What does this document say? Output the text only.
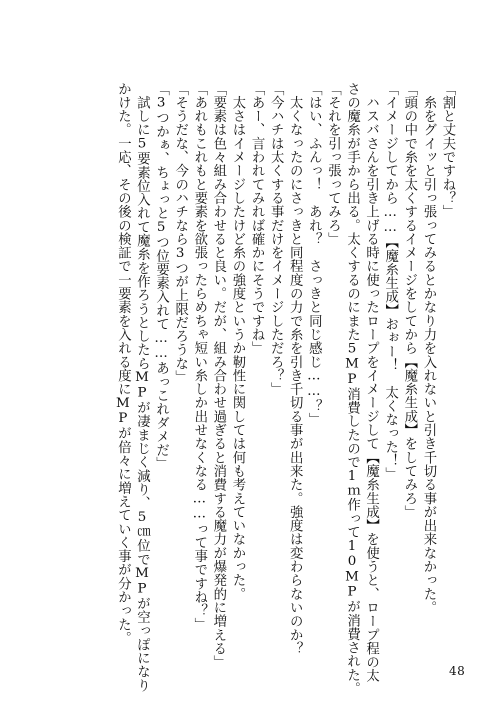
「割と丈夫ですね？」

　糸をグイッと引っ張ってみるとかなり力を入れないと引き千切る事が出来なかった。

「頭の中で糸を太くするイメージをしてから【魔糸生成】をしてみろ」

「イメージしてから……【魔糸生成】おぉー！　太くなった！」

　ハスバさんを引き上げる時に使ったロープをイメージして【魔糸生成】を使うと、ロープ程の太

さの魔糸が手から出る。太くするのにまた5MP消費したので1ｍ作って10MPが消費された。

「それを引っ張ってみろ」

「はい、ふんっ！　あれ？　さっきと同じ感じ……？」

　太くなったのにさっきと同程度の力で糸を引き千切る事が出来た。強度は変わらないのか？

「今ハチは太くする事だけをイメージしただろ？」

「あー、言われてみれば確かにそうですね」

　太さはイメージしたけど糸の強度というか靭性に関しては何も考えていなかった。

「要素は色々組み合わせると良い。だが、組み合わせ過ぎると消費する魔力が爆発的に増える」

「あれもこれもと要素を欲張ったらめちゃ短い糸しか出せなくなる……って事ですね？」

「そうだな、今のハチなら3つが上限だろうな」

「3つかぁ、ちょっと5つ位要素入れて……あっこれダメだ」

　試しに5要素位入れて魔糸を作ろうとしたらMPが凄まじく減り、5㎝位でMPが空っぽになり

かけた。一応、その後の検証で一要素を入れる度にMPが倍々に増えていく事が分かった。

48
